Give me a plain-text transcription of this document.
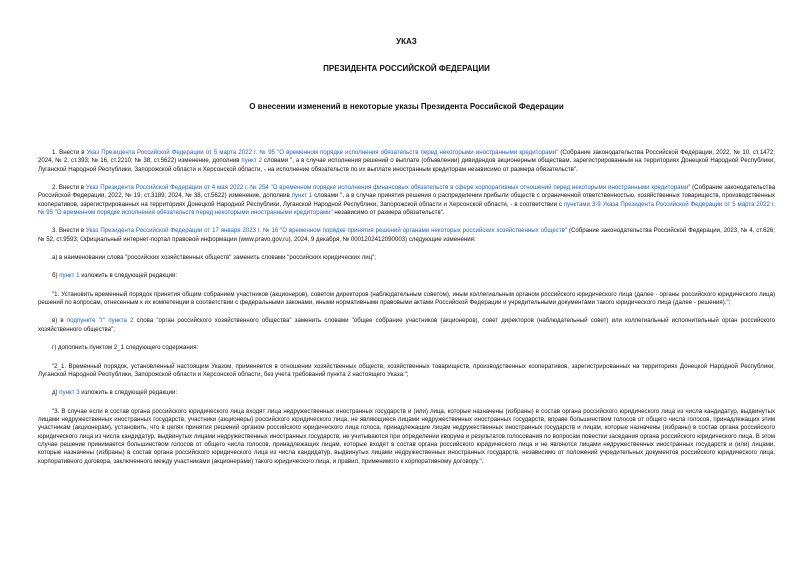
УКАЗ
ПРЕЗИДЕНТА РОССИЙСКОЙ ФЕДЕРАЦИИ
О внесении изменений в некоторые указы Президента Российской Федерации

1. Внести в Указ Президента Российской Федерации от 5 марта 2022 г. № 95 "О временном порядке исполнения обязательств перед некоторыми иностранными кредиторами" (Собрание законодательства Российской Федерации, 2022, № 10, ст.1472; 2024, № 2, ст.393; № 16, ст.2210; № 38, ст.5622) изменение, дополнив пункт 2 словами ", а в случае исполнения решений о выплате (объявлении) дивидендов акционерным обществам, зарегистрированным на территориях Донецкой Народной Республики, Луганской Народной Республики, Запорожской области и Херсонской области, - на исполнение обязательств по их выплате иностранным кредиторам независимо от размера обязательств".

2. Внести в Указ Президента Российской Федерации от 4 мая 2022 г. № 254 "О временном порядке исполнения финансовых обязательств в сфере корпоративных отношений перед некоторыми иностранными кредиторами" (Собрание законодательства Российской Федерации, 2022, № 19, ст.3189; 2024, № 38, ст.5622) изменение, дополнив пункт 1 словами ", а в случае принятия решения о распределении прибыли обществ с ограниченной ответственностью, хозяйственных товариществ, производственных кооперативов, зарегистрированных на территориях Донецкой Народной Республики, Луганской Народной Республики, Запорожской области и Херсонской области, - в соответствии с пунктами 3-9 Указа Президента Российской Федерации от 5 марта 2022 г. № 95 "О временном порядке исполнения обязательств перед некоторыми иностранными кредиторами" независимо от размера обязательств".

3. Внести в Указ Президента Российской Федерации от 17 января 2023 г. № 16 "О временном порядке принятия решений органами некоторых российских хозяйственных обществ" (Собрание законодательства Российской Федерации, 2023, № 4, ст.626; № 52, ст.9593; Официальный интернет-портал правовой информации (www.pravo.gov.ru), 2024, 9 декабря, № 0001202412090003) следующие изменения:

а) в наименовании слова "российских хозяйственных обществ" заменить словами "российских юридических лиц";

б) пункт 1 изложить в следующей редакции:

"1. Установить временный порядок принятия общим собранием участников (акционеров), советом директоров (наблюдательным советом), иным коллегиальным органом российского юридического лица (далее - органы российского юридического лица) решений по вопросам, отнесенным к их компетенции в соответствии с федеральными законами, иными нормативными правовыми актами Российской Федерации и учредительными документами такого юридического лица (далее - решения).";

в) в подпункте "г" пункта 2 слова "орган российского хозяйственного общества" заменить словами "общее собрание участников (акционеров), совет директоров (наблюдательный совет) или коллегиальный исполнительный орган российского хозяйственного общества";

г) дополнить пунктом 2_1 следующего содержания:

"2_1. Временный порядок, установленный настоящим Указом, применяется в отношении хозяйственных обществ, хозяйственных товариществ, производственных кооперативов, зарегистрированных на территориях Донецкой Народной Республики, Луганской Народной Республики, Запорожской области и Херсонской области, без учета требований пункта 2 настоящего Указа.";

д) пункт 3 изложить в следующей редакции:

"3. В случае если в состав органа российского юридического лица входят лица недружественных иностранных государств и (или) лица, которые назначены (избраны) в состав органа российского юридического лица из числа кандидатур, выдвинутых лицами недружественных иностранных государств, участники (акционеры) российского юридического лица, не являющиеся лицами недружественных иностранных государств, вправе большинством голосов от общего числа голосов, принадлежащих этим участникам (акционерам), установить, что в целях принятия решений органом российского юридического лица голоса, принадлежащие лицам недружественных иностранных государств и лицам, которые назначены (избраны) в состав органа российского юридического лица из числа кандидатур, выдвинутых лицами недружественных иностранных государств, не учитываются при определении кворума и результатов голосования по вопросам повестки заседания органа российского юридического лица. В этом случае решение принимается большинством голосов от общего числа голосов, принадлежащих лицам, которые входят в состав органа российского юридического лица и не являются лицами недружественных иностранных государств и (или) лицами, которые назначены (избраны) в состав органа российского юридического лица из числа кандидатур, выдвинутых лицами недружественных иностранных государств, независимо от положений учредительных документов российского юридического лица, корпоративного договора, заключенного между участниками (акционерами) такого юридического лица, и правил, применимого к корпоративному договору.".
